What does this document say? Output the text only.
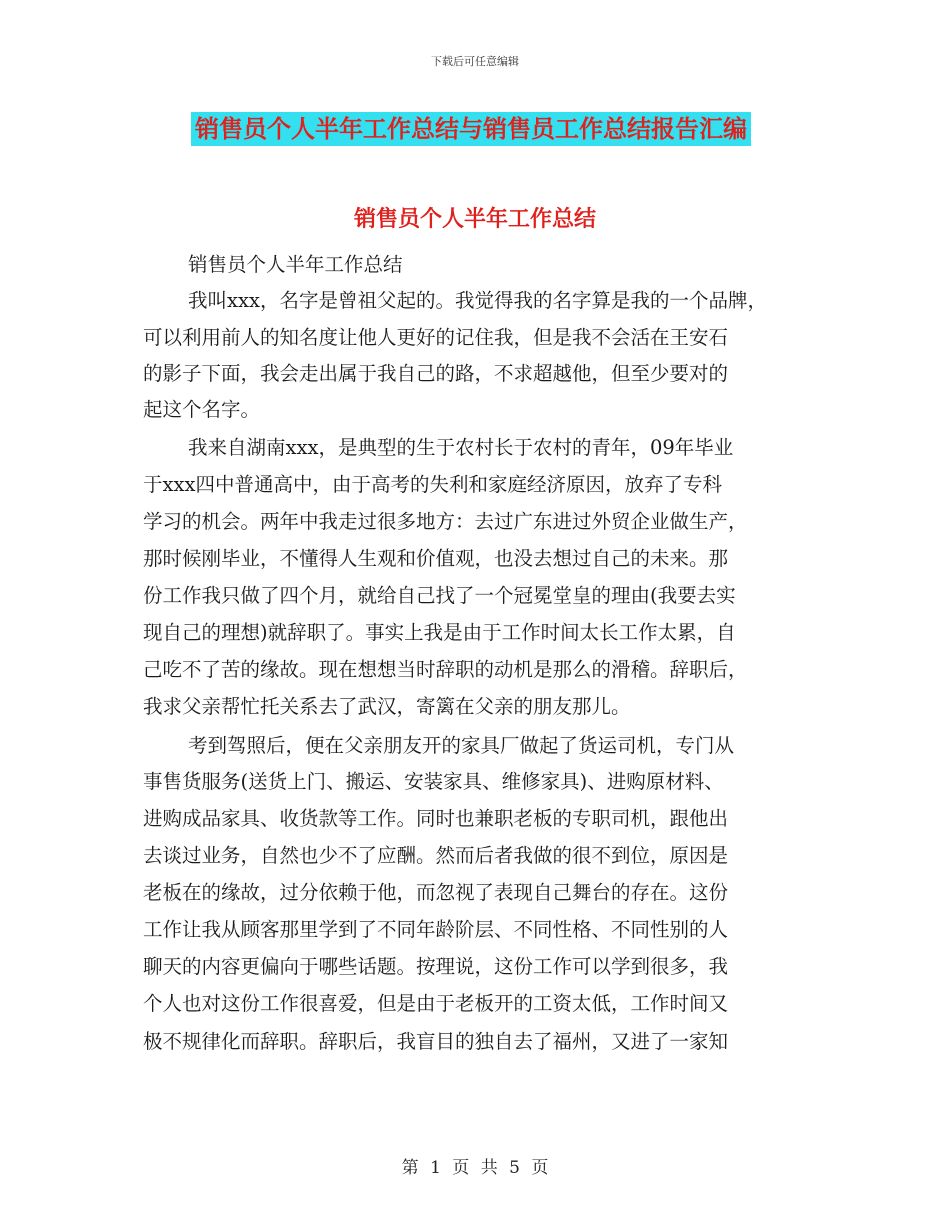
下载后可任意编辑
销售员个人半年工作总结与销售员工作总结报告汇编
销售员个人半年工作总结
销售员个人半年工作总结
我叫xxx，名字是曾祖父起的。我觉得我的名字算是我的一个品牌，
可以利用前人的知名度让他人更好的记住我，但是我不会活在王安石
的影子下面，我会走出属于我自己的路，不求超越他，但至少要对的
起这个名字。
我来自湖南xxx，是典型的生于农村长于农村的青年，09年毕业
于xxx四中普通高中，由于高考的失利和家庭经济原因，放弃了专科
学习的机会。两年中我走过很多地方：去过广东进过外贸企业做生产，
那时候刚毕业，不懂得人生观和价值观，也没去想过自己的未来。那
份工作我只做了四个月，就给自己找了一个冠冕堂皇的理由(我要去实
现自己的理想)就辞职了。事实上我是由于工作时间太长工作太累，自
己吃不了苦的缘故。现在想想当时辞职的动机是那么的滑稽。辞职后，
我求父亲帮忙托关系去了武汉，寄篱在父亲的朋友那儿。
考到驾照后，便在父亲朋友开的家具厂做起了货运司机，专门从
事售货服务(送货上门、搬运、安装家具、维修家具)、进购原材料、
进购成品家具、收货款等工作。同时也兼职老板的专职司机，跟他出
去谈过业务，自然也少不了应酬。然而后者我做的很不到位，原因是
老板在的缘故，过分依赖于他，而忽视了表现自己舞台的存在。这份
工作让我从顾客那里学到了不同年龄阶层、不同性格、不同性别的人
聊天的内容更偏向于哪些话题。按理说，这份工作可以学到很多，我
个人也对这份工作很喜爱，但是由于老板开的工资太低，工作时间又
极不规律化而辞职。辞职后，我盲目的独自去了福州，又进了一家知
第 1 页 共 5 页
